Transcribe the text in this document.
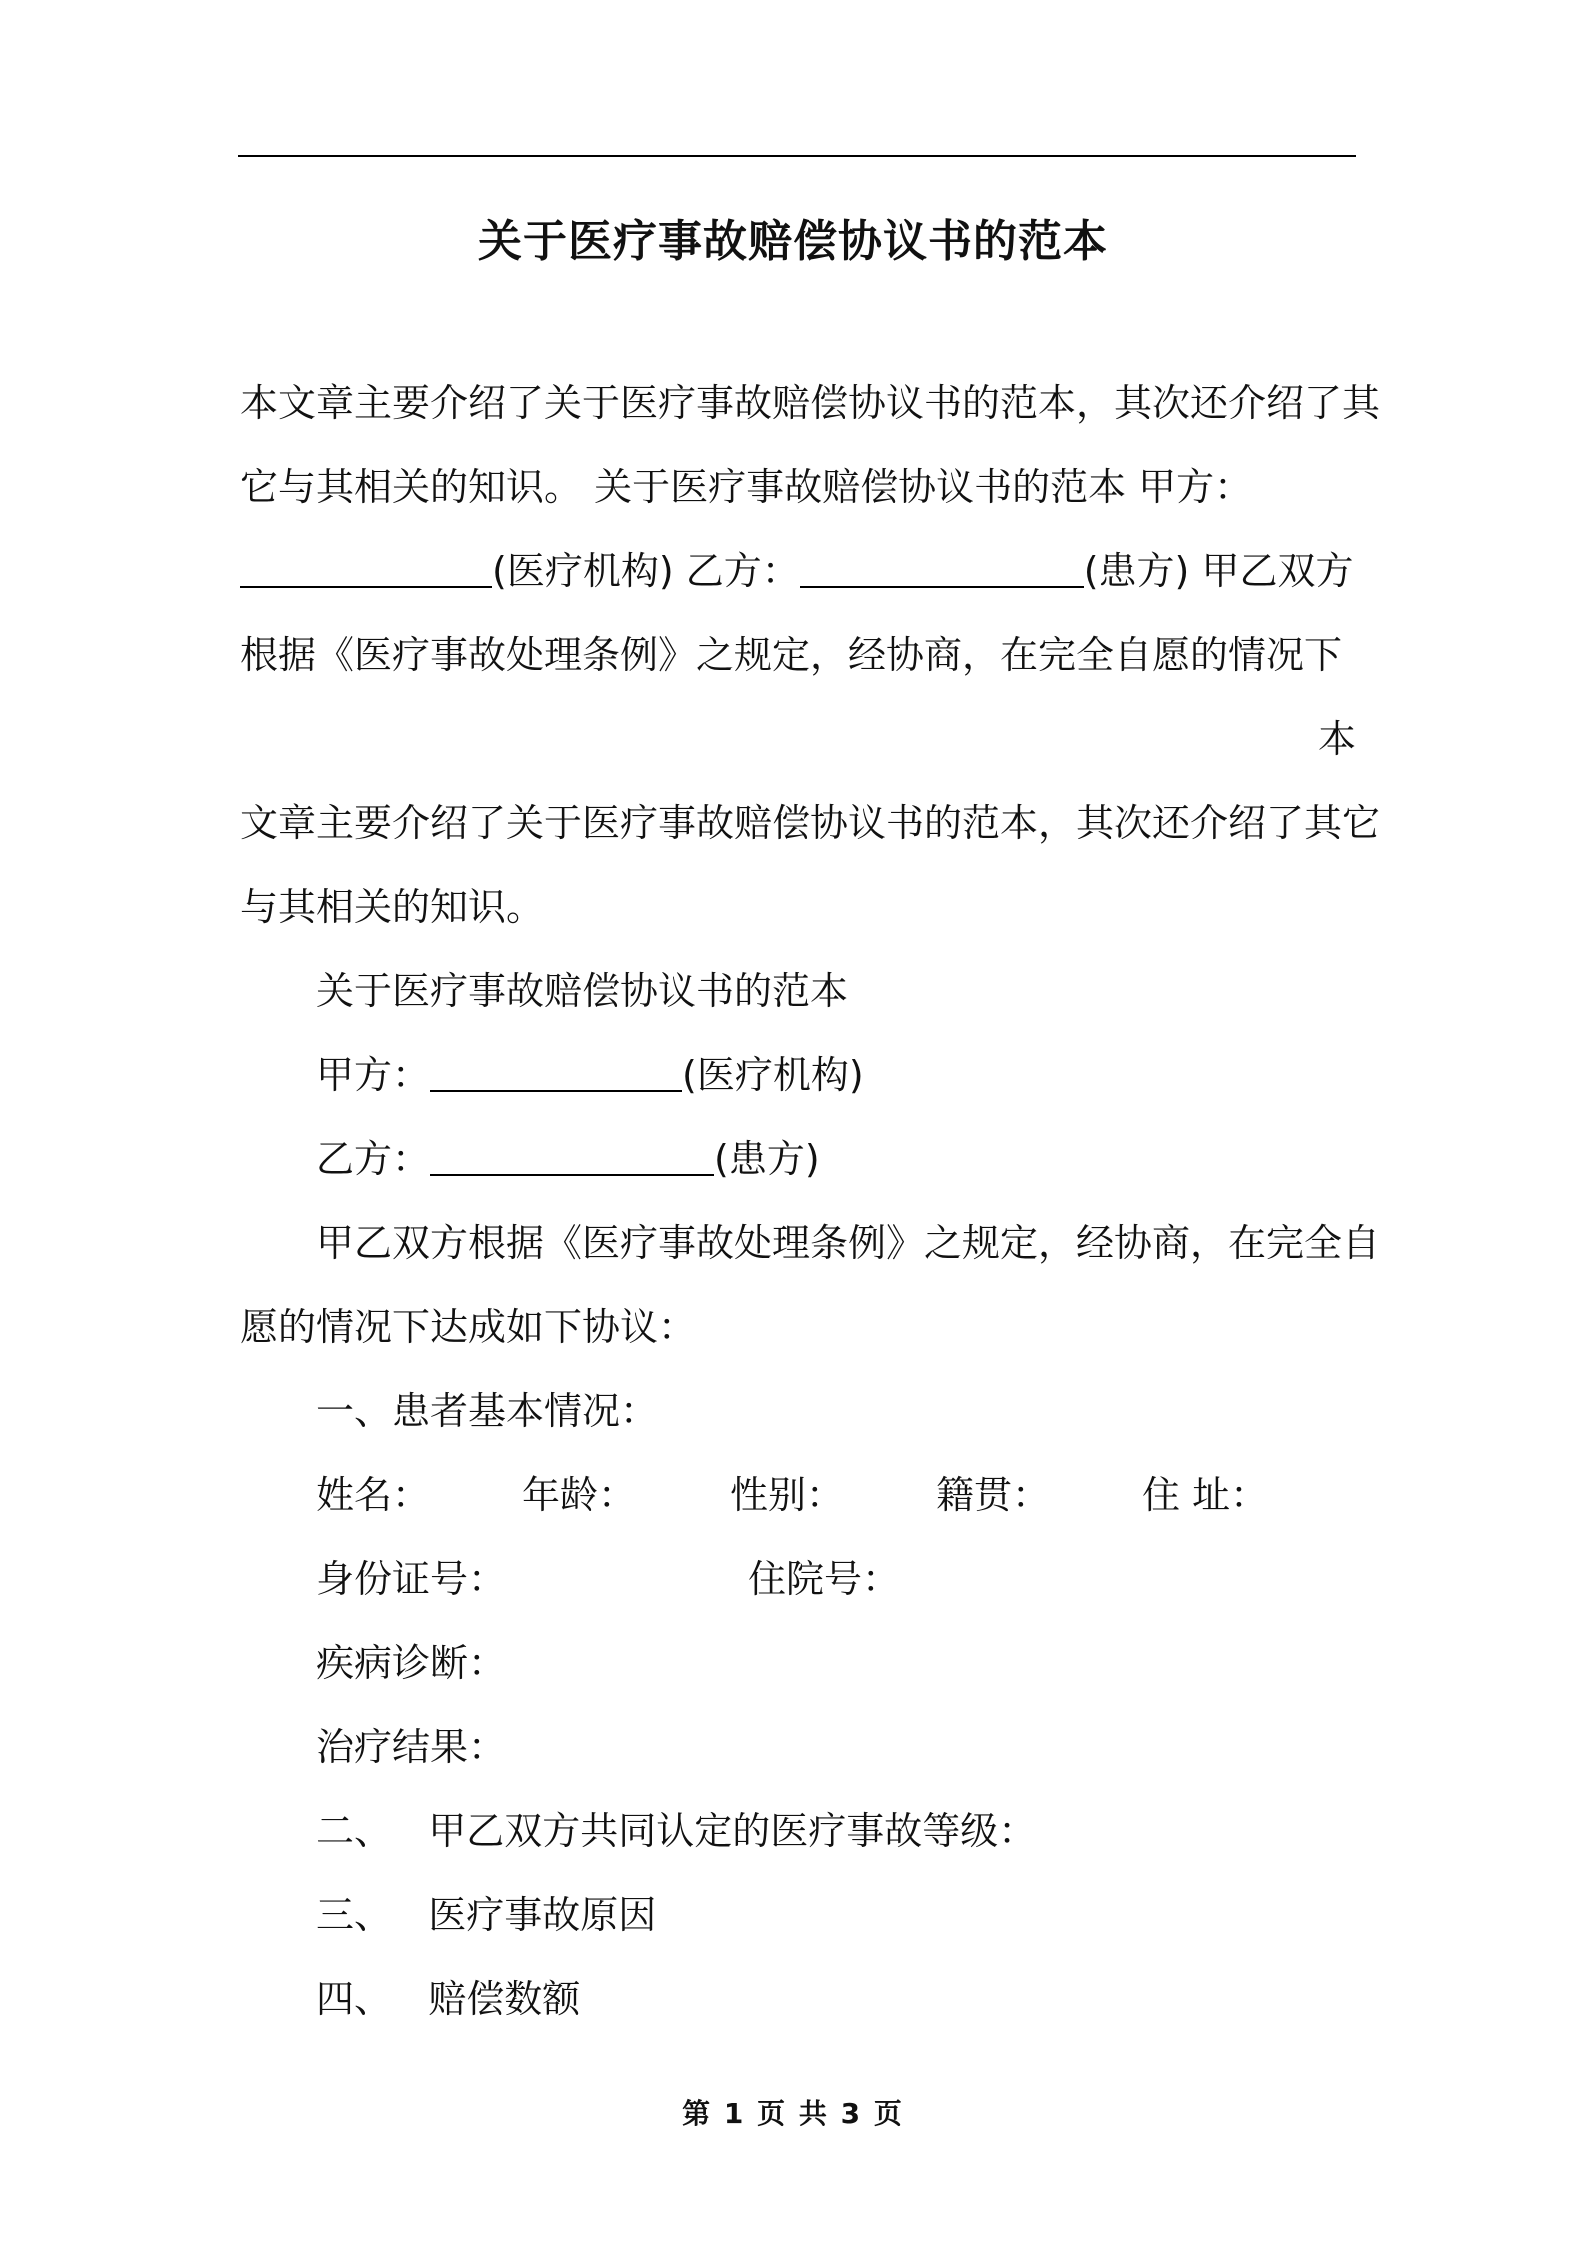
关于医疗事故赔偿协议书的范本
本文章主要介绍了关于医疗事故赔偿协议书的范本，其次还介绍了其
它与其相关的知识。 关于医疗事故赔偿协议书的范本 甲方：
(医疗机构) 乙方：	(患方) 甲乙双方
根据《医疗事故处理条例》之规定，经协商，在完全自愿的情况下
本
文章主要介绍了关于医疗事故赔偿协议书的范本，其次还介绍了其它
与其相关的知识。
关于医疗事故赔偿协议书的范本
甲方：	(医疗机构)
乙方：	(患方)
甲乙双方根据《医疗事故处理条例》之规定，经协商，在完全自
愿的情况下达成如下协议：
一、患者基本情况：
姓名： 年龄： 性别： 籍贯： 住 址：
身份证号：	住院号：
疾病诊断：
治疗结果：
二、   甲乙双方共同认定的医疗事故等级：
三、   医疗事故原因
四、   赔偿数额
第 1 页 共 3 页
